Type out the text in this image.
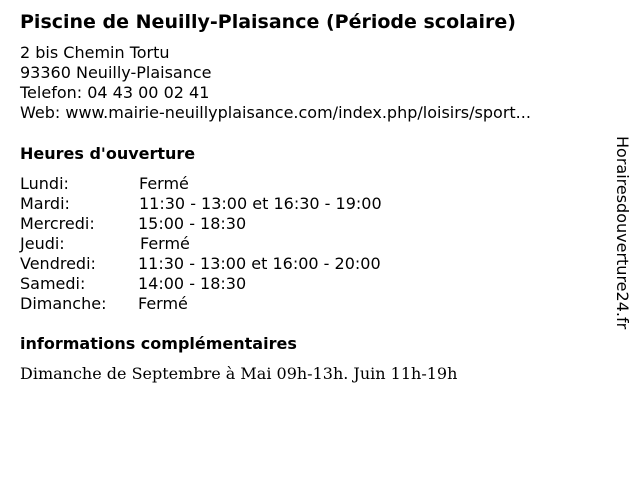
Piscine de Neuilly-Plaisance (Période scolaire)
2 bis Chemin Tortu
93360 Neuilly-Plaisance
Telefon: 04 43 00 02 41
Web: www.mairie-neuillyplaisance.com/index.php/loisirs/sport...
Heures d'ouverture
Lundi:	Fermé
Mardi:	11:30 - 13:00 et 16:30 - 19:00
Mercredi:	15:00 - 18:30
Jeudi:	Fermé
Vendredi:	11:30 - 13:00 et 16:00 - 20:00
Samedi:	14:00 - 18:30
Dimanche: Fermé
informations complémentaires
Dimanche de Septembre à Mai 09h-13h. Juin 11h-19h
Horairesdouverture24.fr
